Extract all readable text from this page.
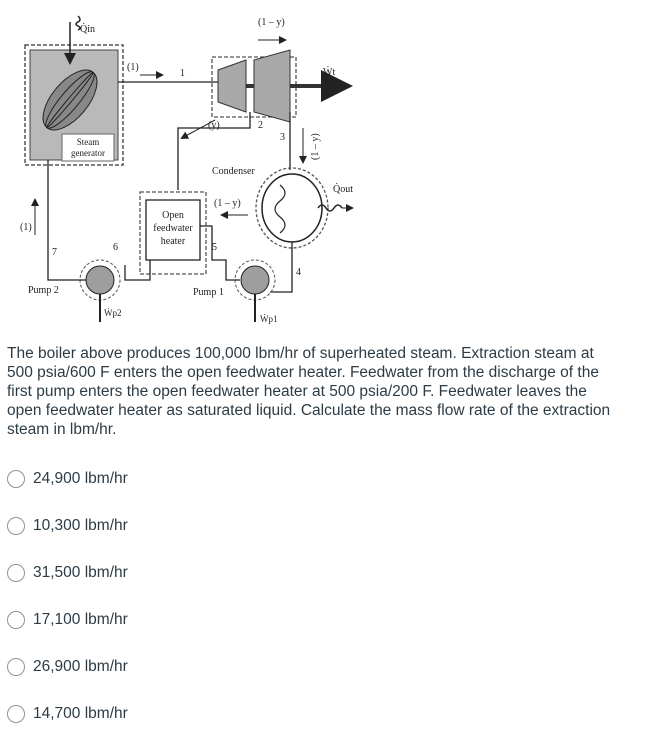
Steam
generator
Q̇in
(1)
1	Ẇt
(1 – y)
2
(y)
3	(1 – y)
Condenser
Q̇out
4
Pump 1
Ẇp1
5
(1 – y)
Open
feedwater
heater
6
Pump 2
Ẇp2
7
(1)

The boiler above produces 100,000 lbm/hr of superheated steam. Extraction steam at 500 psia/600 F enters the open feedwater heater. Feedwater from the discharge of the first pump enters the open feedwater heater at 500 psia/200 F. Feedwater leaves the open feedwater heater as saturated liquid. Calculate the mass flow rate of the extraction steam in lbm/hr.

24,900 lbm/hr
10,300 lbm/hr
31,500 lbm/hr
17,100 lbm/hr
26,900 lbm/hr
14,700 lbm/hr
